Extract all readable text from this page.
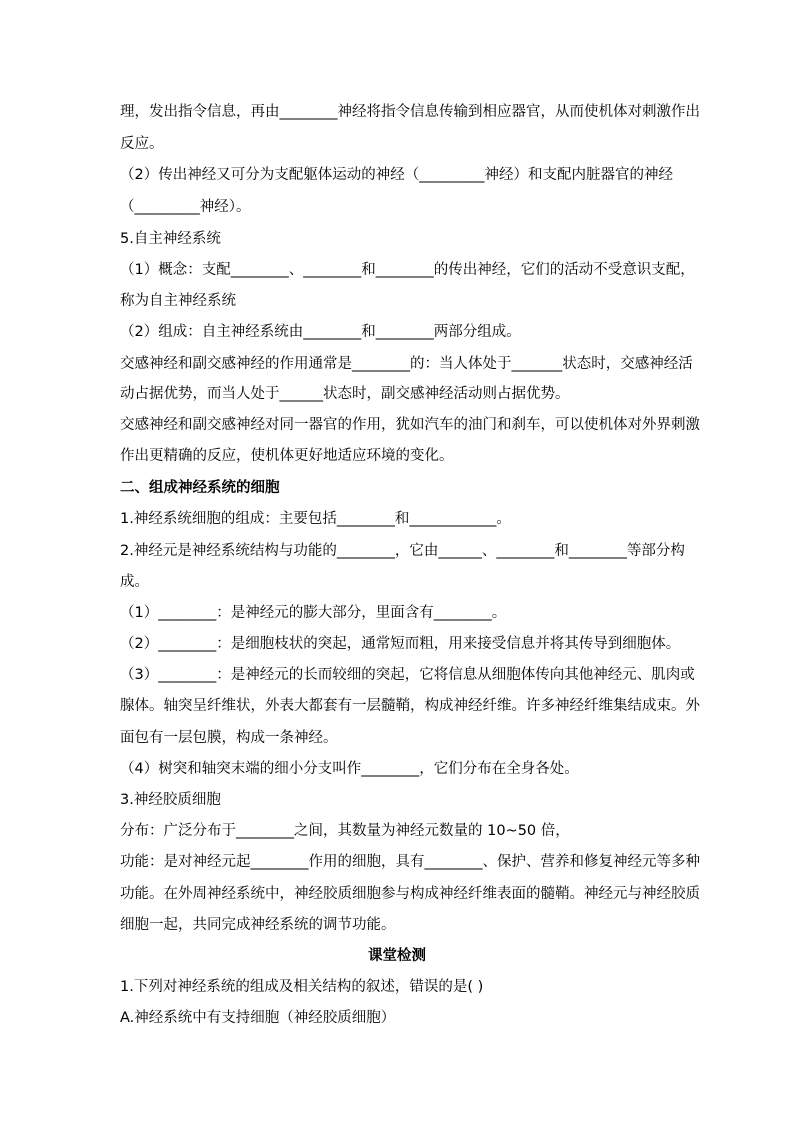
理，发出指令信息，再由________神经将指令信息传输到相应器官，从而使机体对刺激作出
反应。
（2）传出神经又可分为支配躯体运动的神经（_________神经）和支配内脏器官的神经
（_________神经）。
5.自主神经系统
（1）概念：支配________、________和________的传出神经，它们的活动不受意识支配，
称为自主神经系统
（2）组成：自主神经系统由________和________两部分组成。
交感神经和副交感神经的作用通常是________的：当人体处于_______状态时，交感神经活
动占据优势，而当人处于______状态时，副交感神经活动则占据优势。
交感神经和副交感神经对同一器官的作用，犹如汽车的油门和刹车，可以使机体对外界刺激
作出更精确的反应，使机体更好地适应环境的变化。
二、组成神经系统的细胞
1.神经系统细胞的组成：主要包括________和____________。
2.神经元是神经系统结构与功能的________，它由______、________和________等部分构
成。
（1）________：是神经元的膨大部分，里面含有________。
（2）________：是细胞枝状的突起，通常短而粗，用来接受信息并将其传导到细胞体。
（3）________：是神经元的长而较细的突起，它将信息从细胞体传向其他神经元、肌肉或
腺体。轴突呈纤维状，外表大都套有一层髓鞘，构成神经纤维。许多神经纤维集结成束。外
面包有一层包膜，构成一条神经。
（4）树突和轴突末端的细小分支叫作________，它们分布在全身各处。
3.神经胶质细胞
分布：广泛分布于________之间，其数量为神经元数量的 10~50 倍，
功能：是对神经元起________作用的细胞，具有________、保护、营养和修复神经元等多种
功能。在外周神经系统中，神经胶质细胞参与构成神经纤维表面的髓鞘。神经元与神经胶质
细胞一起，共同完成神经系统的调节功能。
课堂检测
1.下列对神经系统的组成及相关结构的叙述，错误的是( )
A.神经系统中有支持细胞（神经胶质细胞）
